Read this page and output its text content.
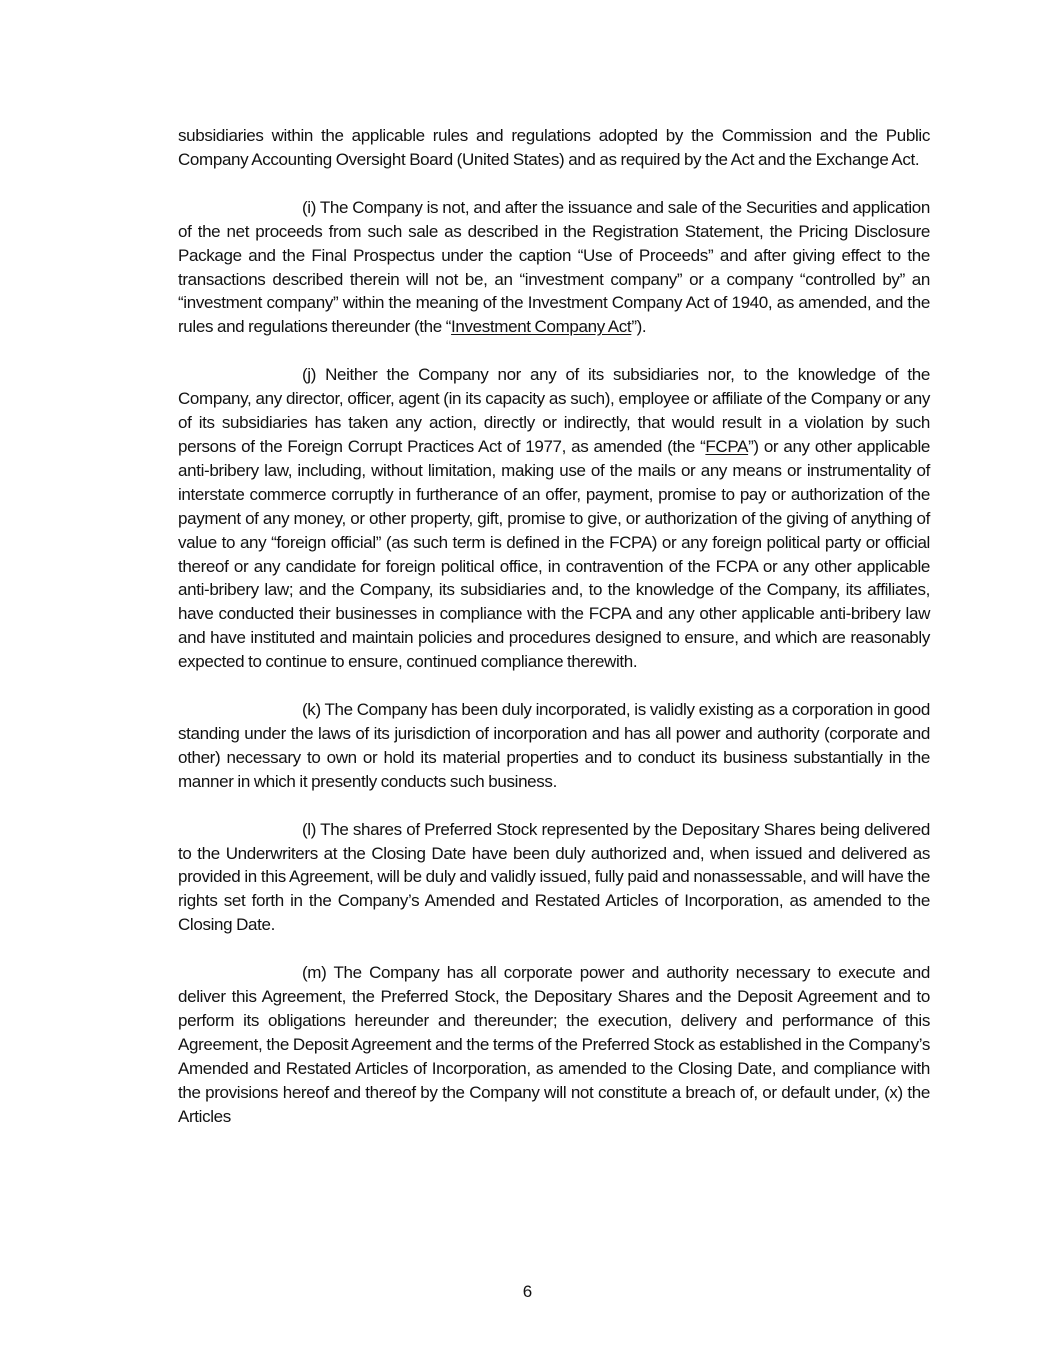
subsidiaries within the applicable rules and regulations adopted by the Commission and the Public Company Accounting Oversight Board (United States) and as required by the Act and the Exchange Act.

(i) The Company is not, and after the issuance and sale of the Securities and application of the net proceeds from such sale as described in the Registration Statement, the Pricing Disclosure Package and the Final Prospectus under the caption “Use of Proceeds” and after giving effect to the transactions described therein will not be, an “investment company” or a company “controlled by” an “investment company” within the meaning of the Investment Company Act of 1940, as amended, and the rules and regulations thereunder (the “Investment Company Act”).

(j) Neither the Company nor any of its subsidiaries nor, to the knowledge of the Company, any director, officer, agent (in its capacity as such), employee or affiliate of the Company or any of its subsidiaries has taken any action, directly or indirectly, that would result in a violation by such persons of the Foreign Corrupt Practices Act of 1977, as amended (the “FCPA”) or any other applicable anti-bribery law, including, without limitation, making use of the mails or any means or instrumentality of interstate commerce corruptly in furtherance of an offer, payment, promise to pay or authorization of the payment of any money, or other property, gift, promise to give, or authorization of the giving of anything of value to any “foreign official” (as such term is defined in the FCPA) or any foreign political party or official thereof or any candidate for foreign political office, in contravention of the FCPA or any other applicable anti-bribery law; and the Company, its subsidiaries and, to the knowledge of the Company, its affiliates, have conducted their businesses in compliance with the FCPA and any other applicable anti-bribery law and have instituted and maintain policies and procedures designed to ensure, and which are reasonably expected to continue to ensure, continued compliance therewith.

(k) The Company has been duly incorporated, is validly existing as a corporation in good standing under the laws of its jurisdiction of incorporation and has all power and authority (corporate and other) necessary to own or hold its material properties and to conduct its business substantially in the manner in which it presently conducts such business.

(l) The shares of Preferred Stock represented by the Depositary Shares being delivered to the Underwriters at the Closing Date have been duly authorized and, when issued and delivered as provided in this Agreement, will be duly and validly issued, fully paid and nonassessable, and will have the rights set forth in the Company’s Amended and Restated Articles of Incorporation, as amended to the Closing Date.

(m) The Company has all corporate power and authority necessary to execute and deliver this Agreement, the Preferred Stock, the Depositary Shares and the Deposit Agreement and to perform its obligations hereunder and thereunder; the execution, delivery and performance of this Agreement, the Deposit Agreement and the terms of the Preferred Stock as established in the Company’s Amended and Restated Articles of Incorporation, as amended to the Closing Date, and compliance with the provisions hereof and thereof by the Company will not constitute a breach of, or default under, (x) the Articles

6
